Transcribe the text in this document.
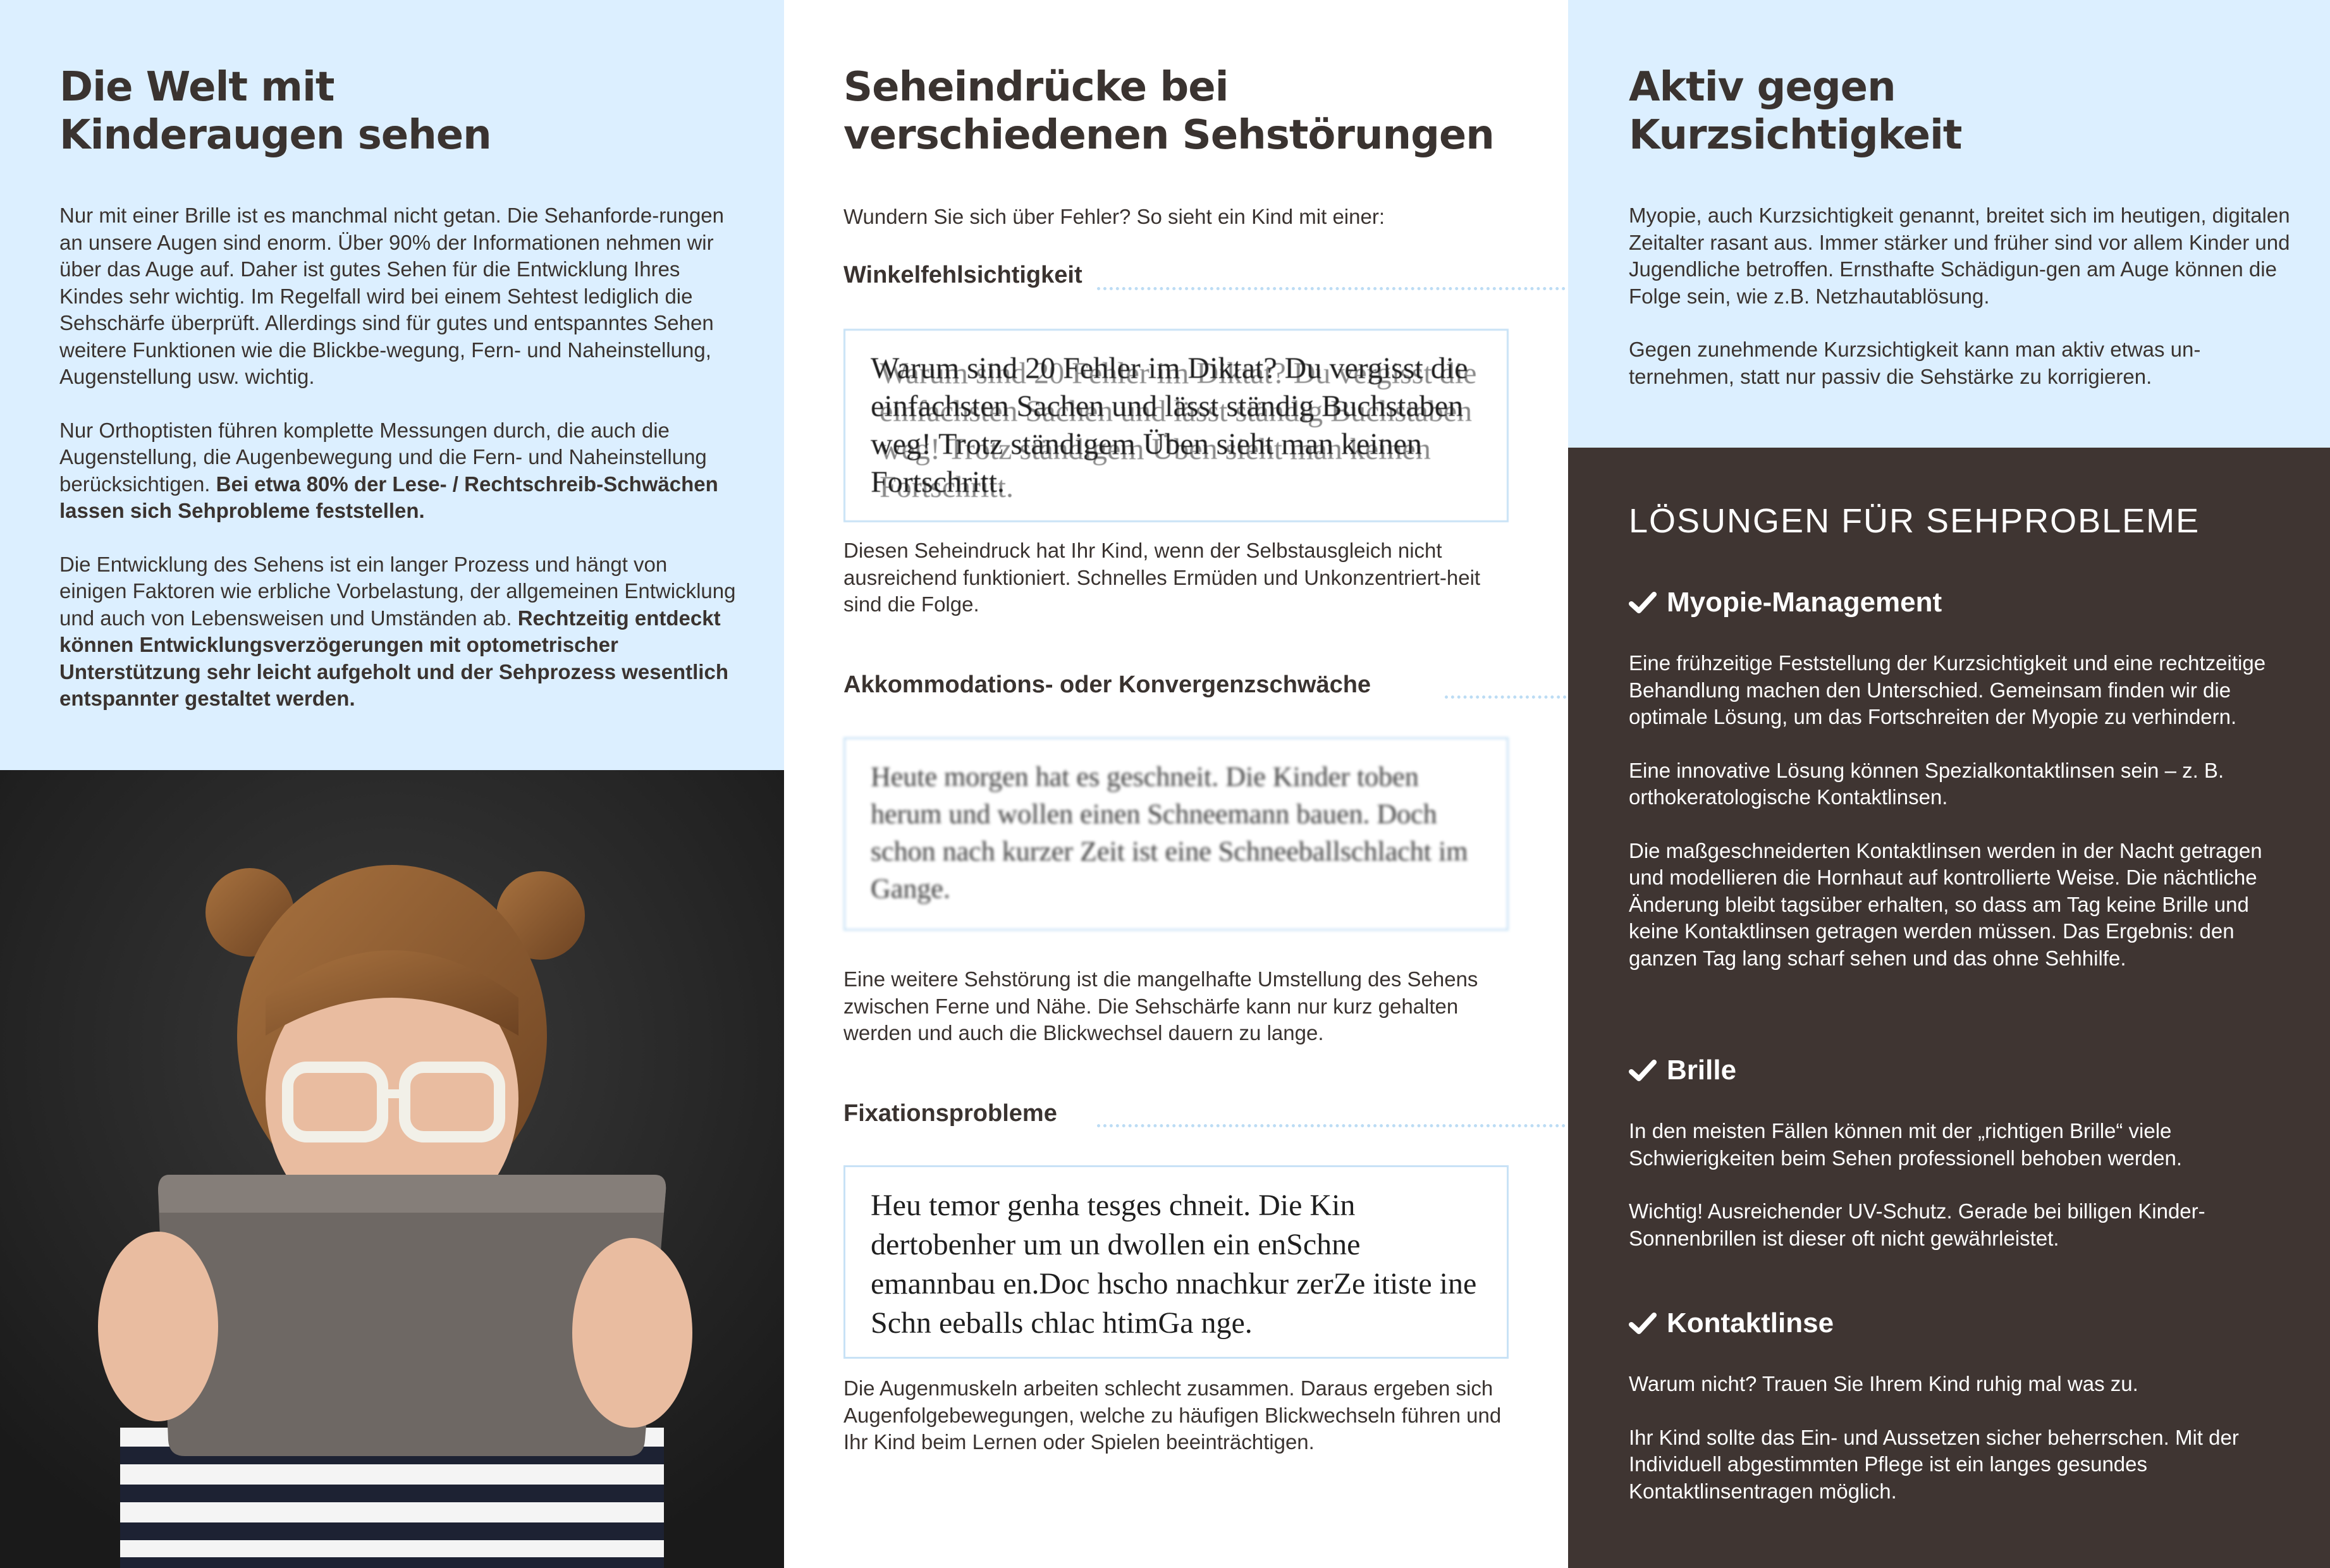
Die Welt mit
Kinderaugen sehen

Nur mit einer Brille ist es manchmal nicht getan. Die Sehanforde-rungen an unsere Augen sind enorm. Über 90% der Informationen nehmen wir über das Auge auf. Daher ist gutes Sehen für die Entwicklung Ihres Kindes sehr wichtig. Im Regelfall wird bei einem Sehtest lediglich die Sehschärfe überprüft. Allerdings sind für gutes und entspanntes Sehen weitere Funktionen wie die Blickbe-wegung, Fern- und Naheinstellung, Augenstellung usw. wichtig.

Nur Orthoptisten führen komplette Messungen durch, die auch die Augenstellung, die Augenbewegung und die Fern- und Naheinstellung berücksichtigen. Bei etwa 80% der Lese- / Rechtschreib-Schwächen lassen sich Sehprobleme feststellen.

Die Entwicklung des Sehens ist ein langer Prozess und hängt von einigen Faktoren wie erbliche Vorbelastung, der allgemeinen Entwicklung und auch von Lebensweisen und Umständen ab. Rechtzeitig entdeckt können Entwicklungsverzögerungen mit optometrischer Unterstützung sehr leicht aufgeholt und der Sehprozess wesentlich entspannter gestaltet werden.

Seheindrücke bei
verschiedenen Sehstörungen
Wundern Sie sich über Fehler? So sieht ein Kind mit einer:
Winkelfehlsichtigkeit
Warum sind 20 Fehler im Diktat? Du vergisst die einfachsten Sachen und lässt ständig Buchstaben weg! Trotz ständigem Üben sieht man keinen Fortschritt.
Diesen Seheindruck hat Ihr Kind, wenn der Selbstausgleich nicht ausreichend funktioniert. Schnelles Ermüden und Unkonzentriert-heit sind die Folge.
Akkommodations- oder Konvergenzschwäche
Heute morgen hat es geschneit. Die Kinder toben herum und wollen einen Schneemann bauen. Doch schon nach kurzer Zeit ist eine Schneeballschlacht im Gange.
Eine weitere Sehstörung ist die mangelhafte Umstellung des Sehens zwischen Ferne und Nähe. Die Sehschärfe kann nur kurz gehalten werden und auch die Blickwechsel dauern zu lange.
Fixationsprobleme
Heu temor genha tesges chneit. Die Kin dertobenher um un dwollen ein enSchne emannbau en.Doc hscho nnachkur zerZe itiste ine Schn eeballs chlac htimGa nge.
Die Augenmuskeln arbeiten schlecht zusammen. Daraus ergeben sich Augenfolgebewegungen, welche zu häufigen Blickwechseln führen und Ihr Kind beim Lernen oder Spielen beeinträchtigen.
Aktiv gegen
Kurzsichtigkeit

Myopie, auch Kurzsichtigkeit genannt, breitet sich im heutigen, digitalen Zeitalter rasant aus. Immer stärker und früher sind vor allem Kinder und Jugendliche betroffen. Ernsthafte Schädigun-gen am Auge können die Folge sein, wie z.B. Netzhautablösung.

Gegen zunehmende Kurzsichtigkeit kann man aktiv etwas un-ternehmen, statt nur passiv die Sehstärke zu korrigieren.

LÖSUNGEN FÜR SEHPROBLEME
Myopie-Management

Eine frühzeitige Feststellung der Kurzsichtigkeit und eine rechtzeitige Behandlung machen den Unterschied. Gemeinsam finden wir die optimale Lösung, um das Fortschreiten der Myopie zu verhindern.

Eine innovative Lösung können Spezialkontaktlinsen sein – z. B. orthokeratologische Kontaktlinsen.

Die maßgeschneiderten Kontaktlinsen werden in der Nacht getragen und modellieren die Hornhaut auf kontrollierte Weise. Die nächtliche Änderung bleibt tagsüber erhalten, so dass am Tag keine Brille und keine Kontaktlinsen getragen werden müssen. Das Ergebnis: den ganzen Tag lang scharf sehen und das ohne Sehhilfe.

Brille

In den meisten Fällen können mit der „richtigen Brille“ viele Schwierigkeiten beim Sehen professionell behoben werden.

Wichtig! Ausreichender UV-Schutz. Gerade bei billigen Kinder-Sonnenbrillen ist dieser oft nicht gewährleistet.

Kontaktlinse

Warum nicht? Trauen Sie Ihrem Kind ruhig mal was zu.

Ihr Kind sollte das Ein- und Aussetzen sicher beherrschen. Mit der Individuell abgestimmten Pflege ist ein langes gesundes Kontaktlinsentragen möglich.
